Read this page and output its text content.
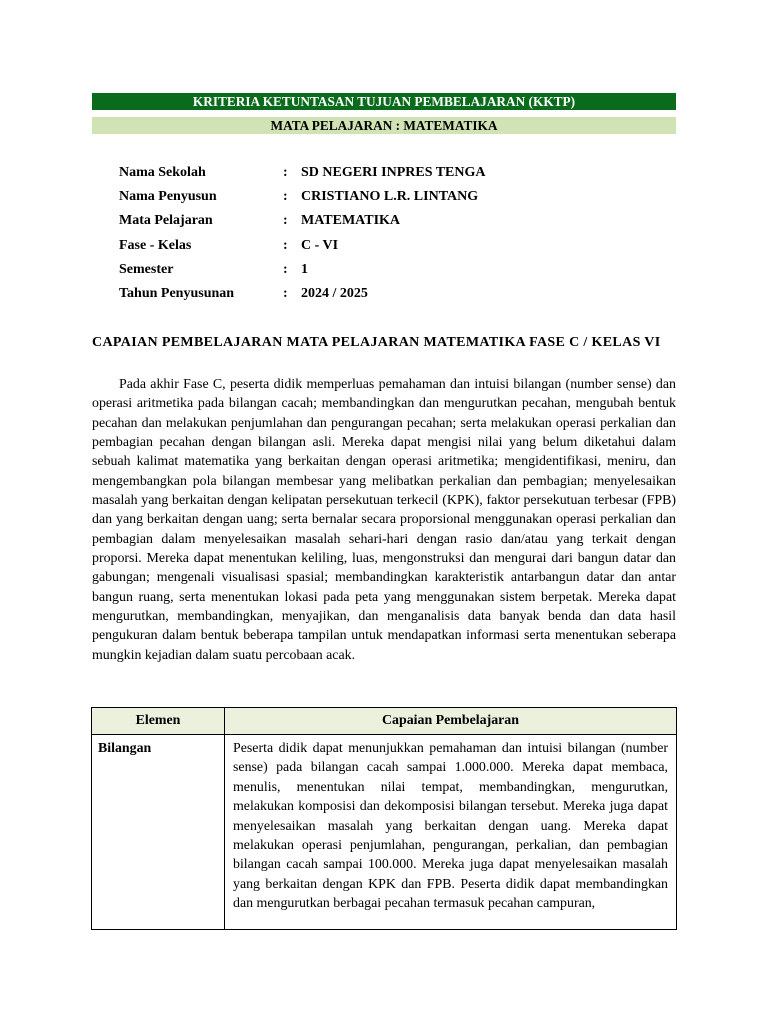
KRITERIA KETUNTASAN TUJUAN PEMBELAJARAN (KKTP)
MATA PELAJARAN : MATEMATIKA
Nama Sekolah	: SD NEGERI INPRES TENGA
Nama Penyusun	: CRISTIANO L.R. LINTANG
Mata Pelajaran	: MATEMATIKA
Fase - Kelas	: C - VI
Semester	: 1
Tahun Penyusunan	: 2024 / 2025
CAPAIAN PEMBELAJARAN MATA PELAJARAN MATEMATIKA FASE C / KELAS VI

Pada akhir Fase C, peserta didik memperluas pemahaman dan intuisi bilangan (number sense) dan operasi aritmetika pada bilangan cacah; membandingkan dan mengurutkan pecahan, mengubah bentuk pecahan dan melakukan penjumlahan dan pengurangan pecahan; serta melakukan operasi perkalian dan pembagian pecahan dengan bilangan asli. Mereka dapat mengisi nilai yang belum diketahui dalam sebuah kalimat matematika yang berkaitan dengan operasi aritmetika; mengidentifikasi, meniru, dan mengembangkan pola bilangan membesar yang melibatkan perkalian dan pembagian; menyelesaikan masalah yang berkaitan dengan kelipatan persekutuan terkecil (KPK), faktor persekutuan terbesar (FPB) dan yang berkaitan dengan uang; serta bernalar secara proporsional menggunakan operasi perkalian dan pembagian dalam menyelesaikan masalah sehari-hari dengan rasio dan/atau yang terkait dengan proporsi. Mereka dapat menentukan keliling, luas, mengonstruksi dan mengurai dari bangun datar dan gabungan; mengenali visualisasi spasial; membandingkan karakteristik antarbangun datar dan antar bangun ruang, serta menentukan lokasi pada peta yang menggunakan sistem berpetak. Mereka dapat mengurutkan, membandingkan, menyajikan, dan menganalisis data banyak benda dan data hasil pengukuran dalam bentuk beberapa tampilan untuk mendapatkan informasi serta menentukan seberapa mungkin kejadian dalam suatu percobaan acak.

Elemen	Capaian Pembelajaran
Bilangan	Peserta didik dapat menunjukkan pemahaman dan intuisi bilangan (number sense) pada bilangan cacah sampai 1.000.000. Mereka dapat membaca, menulis, menentukan nilai tempat, membandingkan, mengurutkan, melakukan komposisi dan dekomposisi bilangan tersebut. Mereka juga dapat menyelesaikan masalah yang berkaitan dengan uang. Mereka dapat melakukan operasi penjumlahan, pengurangan, perkalian, dan pembagian bilangan cacah sampai 100.000. Mereka juga dapat menyelesaikan masalah yang berkaitan dengan KPK dan FPB. Peserta didik dapat membandingkan dan mengurutkan berbagai pecahan termasuk pecahan campuran,
